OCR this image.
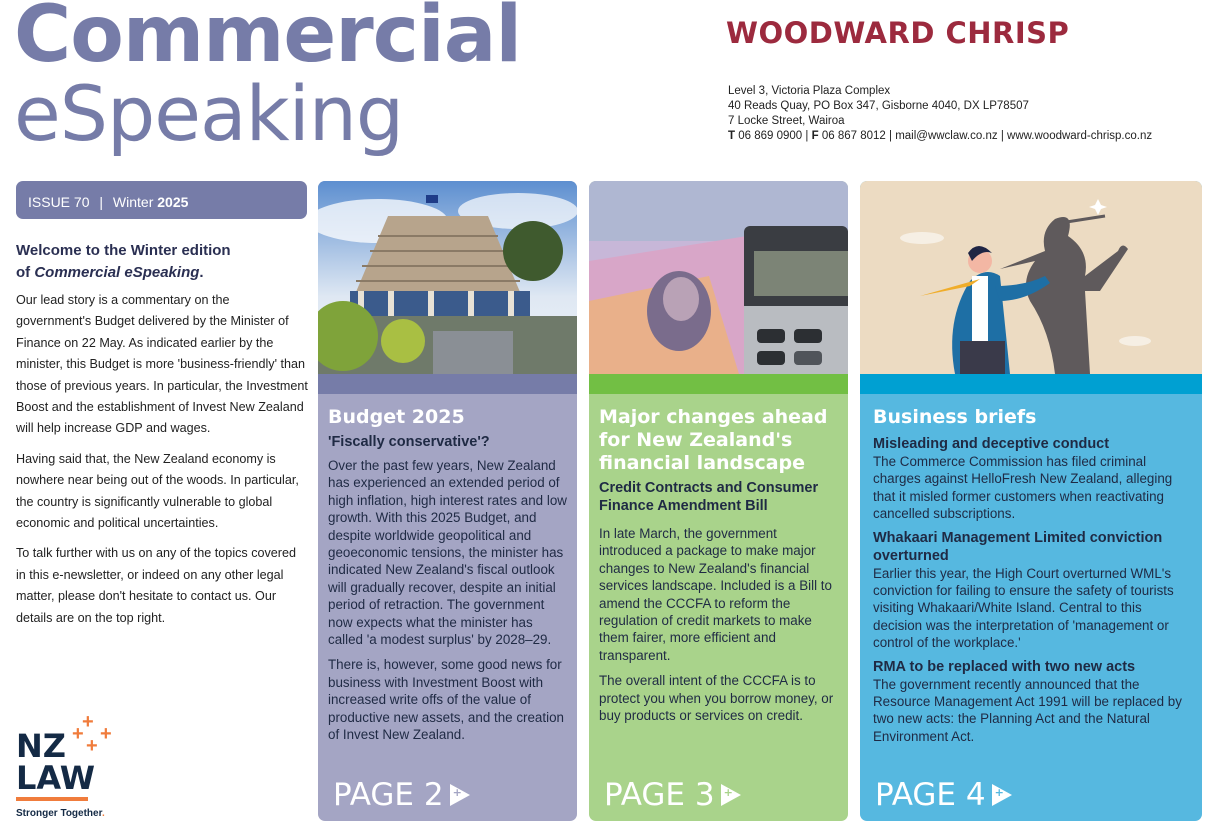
Commercial
eSpeaking
WOODWARD CHRISP
Level 3, Victoria Plaza Complex
40 Reads Quay, PO Box 347, Gisborne 4040, DX LP78507
7 Locke Street, Wairoa
T 06 869 0900 | F 06 867 8012 | mail@wwclaw.co.nz | www.woodward-chrisp.co.nz
ISSUE 70 | Winter 2025
Welcome to the Winter edition
of Commercial eSpeaking.

Our lead story is a commentary on the government's Budget delivered by the Minister of Finance on 22 May. As indicated earlier by the minister, this Budget is more 'business-friendly' than those of previous years. In particular, the Investment Boost and the establishment of Invest New Zealand will help increase GDP and wages.

Having said that, the New Zealand economy is nowhere near being out of the woods. In particular, the country is significantly vulnerable to global economic and political uncertainties.

To talk further with us on any of the topics covered in this e-newsletter, or indeed on any other legal matter, please don't hesitate to contact us. Our details are on the top right.

+
+ +
+
NZ
LAW
Stronger Together.
Budget 2025
'Fiscally conservative'?

Over the past few years, New Zealand has experienced an extended period of high inflation, high interest rates and low growth. With this 2025 Budget, and despite worldwide geopolitical and geoeconomic tensions, the minister has indicated New Zealand's fiscal outlook will gradually recover, despite an initial period of retraction. The government now expects what the minister has called 'a modest surplus' by 2028–29.

There is, however, some good news for business with Investment Boost with increased write offs of the value of productive new assets, and the creation of Invest New Zealand.

PAGE 2
+
Major changes ahead for New Zealand's financial landscape
Credit Contracts and Consumer Finance Amendment Bill

In late March, the government introduced a package to make major changes to New Zealand's financial services landscape. Included is a Bill to amend the CCCFA to reform the regulation of credit markets to make them fairer, more efficient and transparent.

The overall intent of the CCCFA is to protect you when you borrow money, or buy products or services on credit.

PAGE 3
+
Business briefs
Misleading and deceptive conduct

The Commerce Commission has filed criminal charges against HelloFresh New Zealand, alleging that it misled former customers when reactivating cancelled subscriptions.

Whakaari Management Limited conviction overturned

Earlier this year, the High Court overturned WML's conviction for failing to ensure the safety of tourists visiting Whakaari/White Island. Central to this decision was the interpretation of 'management or control of the workplace.'

RMA to be replaced with two new acts

The government recently announced that the Resource Management Act 1991 will be replaced by two new acts: the Planning Act and the Natural Environment Act.

PAGE 4
+
